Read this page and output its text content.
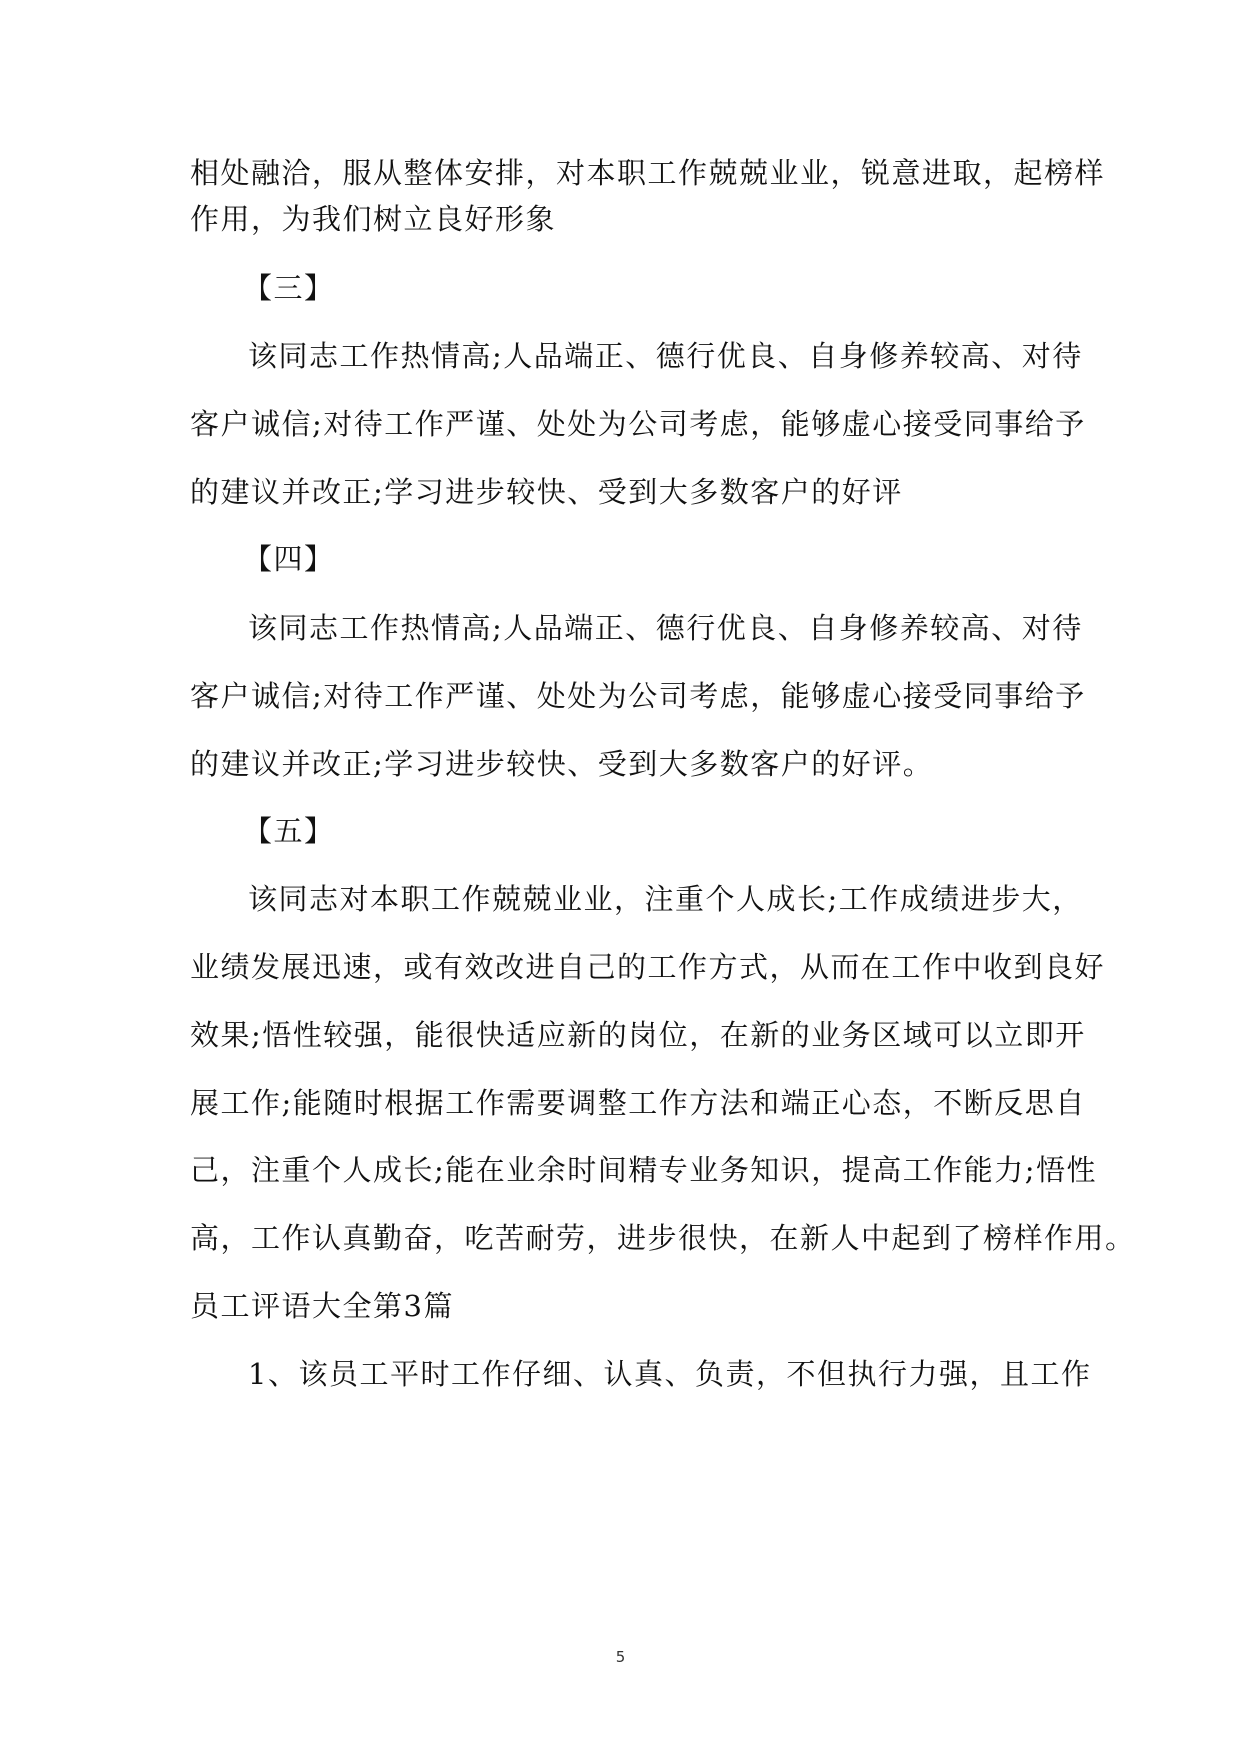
相处融洽，服从整体安排，对本职工作兢兢业业，锐意进取，起榜样
作用，为我们树立良好形象
【三】
该同志工作热情高;人品端正、德行优良、自身修养较高、对待
客户诚信;对待工作严谨、处处为公司考虑，能够虚心接受同事给予
的建议并改正;学习进步较快、受到大多数客户的好评
【四】
该同志工作热情高;人品端正、德行优良、自身修养较高、对待
客户诚信;对待工作严谨、处处为公司考虑，能够虚心接受同事给予
的建议并改正;学习进步较快、受到大多数客户的好评。
【五】
该同志对本职工作兢兢业业，注重个人成长;工作成绩进步大，
业绩发展迅速，或有效改进自己的工作方式，从而在工作中收到良好
效果;悟性较强，能很快适应新的岗位，在新的业务区域可以立即开
展工作;能随时根据工作需要调整工作方法和端正心态，不断反思自
己，注重个人成长;能在业余时间精专业务知识，提高工作能力;悟性
高，工作认真勤奋，吃苦耐劳，进步很快，在新人中起到了榜样作用。
员工评语大全第3篇
1、该员工平时工作仔细、认真、负责，不但执行力强，且工作
5
